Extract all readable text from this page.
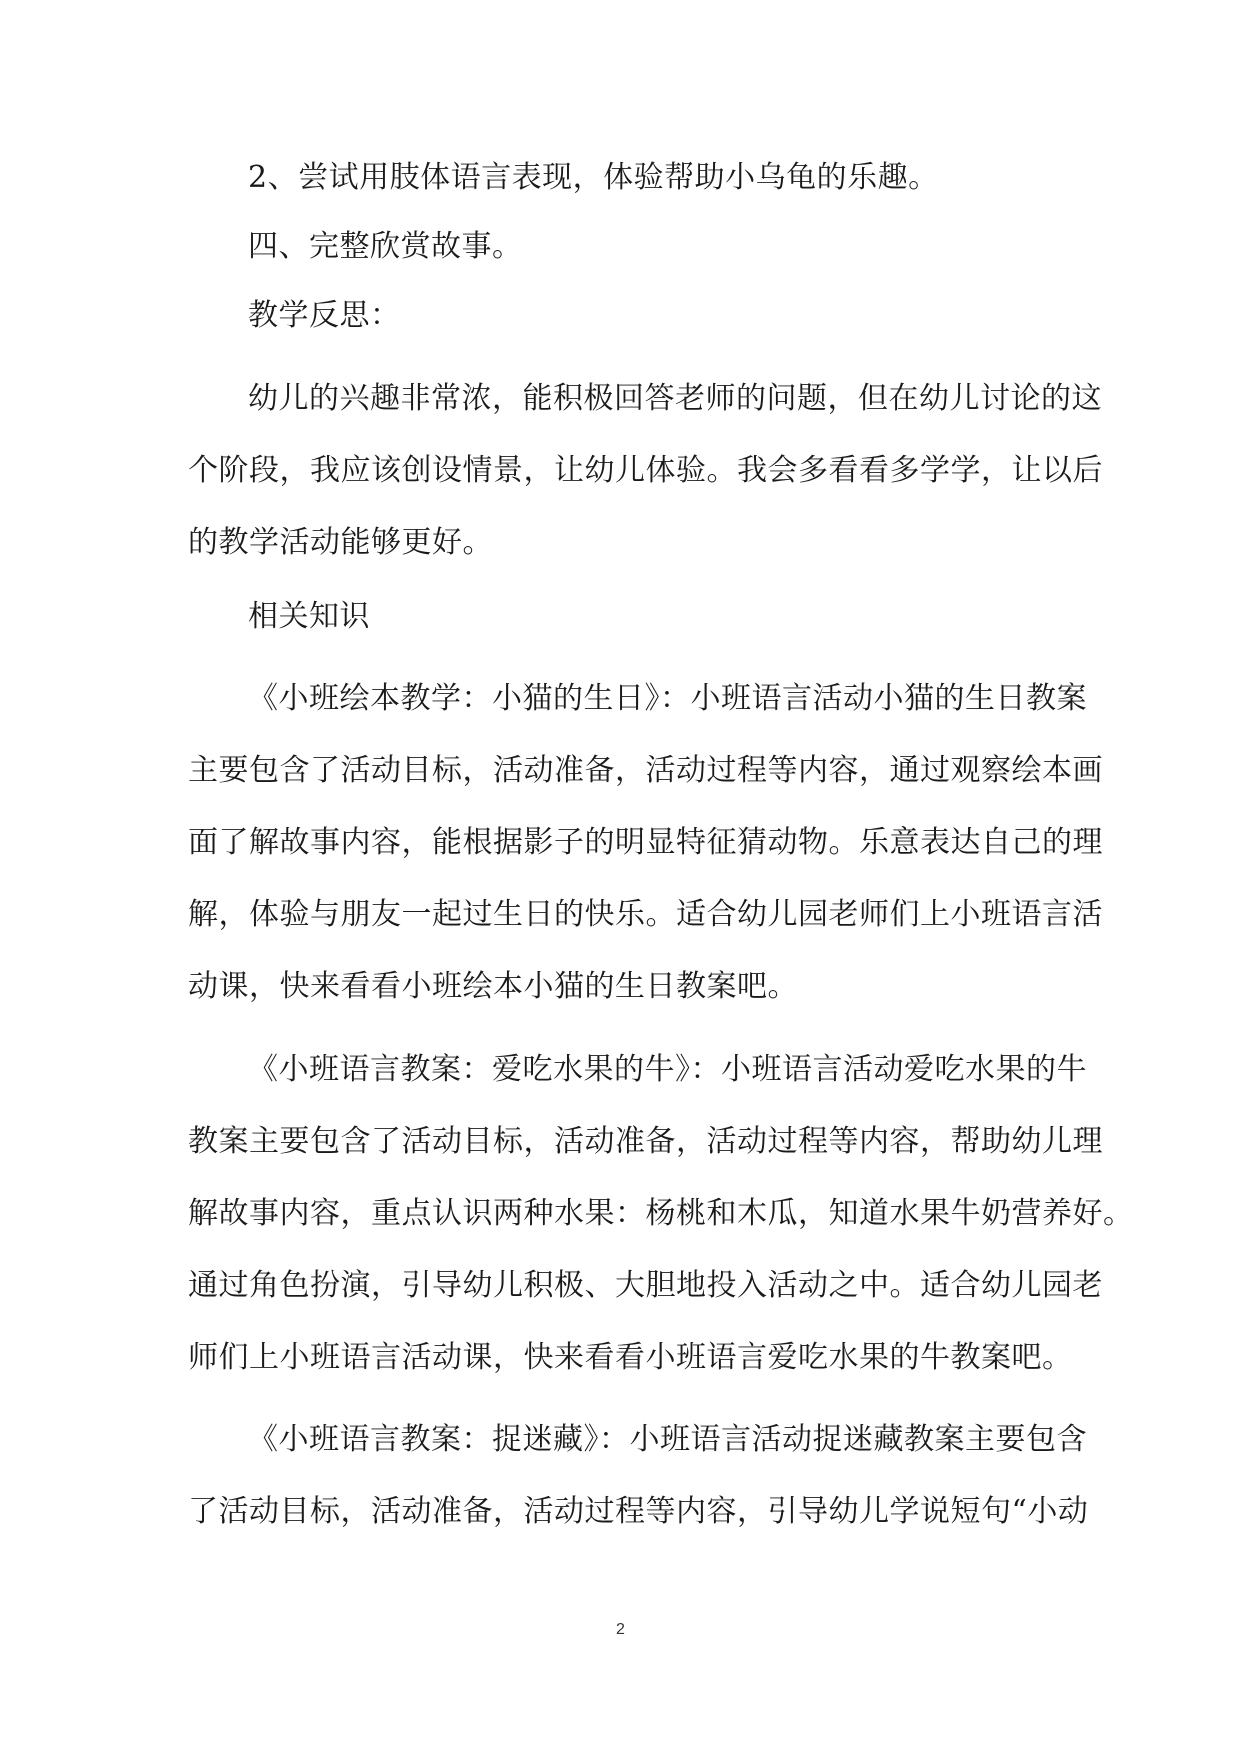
2、尝试用肢体语言表现，体验帮助小乌龟的乐趣。
四、完整欣赏故事。
教学反思：
幼儿的兴趣非常浓，能积极回答老师的问题，但在幼儿讨论的这
个阶段，我应该创设情景，让幼儿体验。我会多看看多学学，让以后
的教学活动能够更好。
相关知识
《小班绘本教学：小猫的生日》：小班语言活动小猫的生日教案
主要包含了活动目标，活动准备，活动过程等内容，通过观察绘本画
面了解故事内容，能根据影子的明显特征猜动物。乐意表达自己的理
解，体验与朋友一起过生日的快乐。适合幼儿园老师们上小班语言活
动课，快来看看小班绘本小猫的生日教案吧。
《小班语言教案：爱吃水果的牛》：小班语言活动爱吃水果的牛
教案主要包含了活动目标，活动准备，活动过程等内容，帮助幼儿理
解故事内容，重点认识两种水果：杨桃和木瓜，知道水果牛奶营养好。
通过角色扮演，引导幼儿积极、大胆地投入活动之中。适合幼儿园老
师们上小班语言活动课，快来看看小班语言爱吃水果的牛教案吧。
《小班语言教案：捉迷藏》：小班语言活动捉迷藏教案主要包含
了活动目标，活动准备，活动过程等内容，引导幼儿学说短句“小动
2
